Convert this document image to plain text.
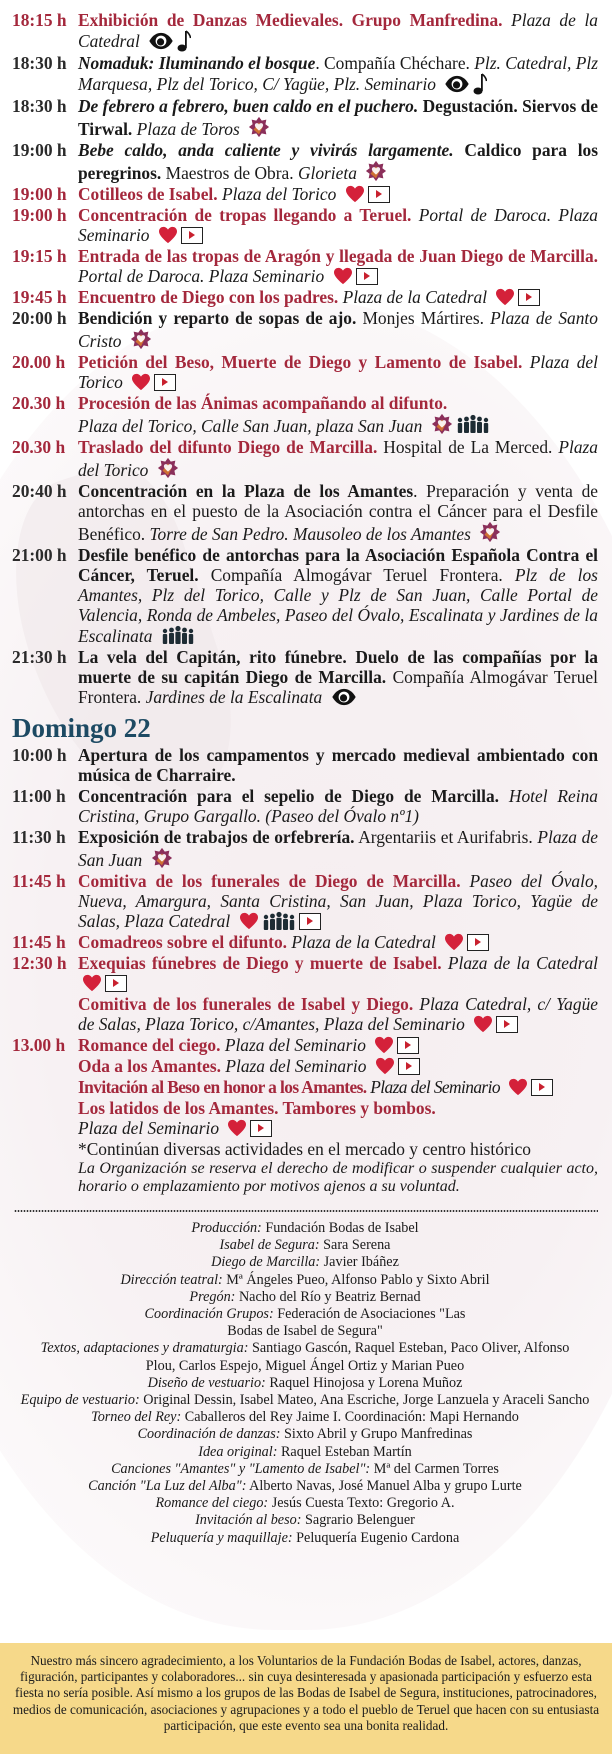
18:15 h Exhibición de Danzas Medievales. Grupo Manfredina. Plaza de la Catedral
18:30 h Nomaduk: Iluminando el bosque. Compañía Chéchare. Plz. Catedral, Plz Marquesa, Plz del Torico, C/ Yagüe, Plz. Seminario
18:30 h De febrero a febrero, buen caldo en el puchero. Degustación. Siervos de Tirwal. Plaza de Toros
19:00 h Bebe caldo, anda caliente y vivirás largamente. Caldico para los peregrinos. Maestros de Obra. Glorieta
19:00 h Cotilleos de Isabel. Plaza del Torico
19:00 h Concentración de tropas llegando a Teruel. Portal de Daroca. Plaza Seminario
19:15 h Entrada de las tropas de Aragón y llegada de Juan Diego de Marcilla. Portal de Daroca. Plaza Seminario
19:45 h Encuentro de Diego con los padres. Plaza de la Catedral
20:00 h Bendición y reparto de sopas de ajo. Monjes Mártires. Plaza de Santo Cristo
20.00 h Petición del Beso, Muerte de Diego y Lamento de Isabel. Plaza del Torico
20.30 h Procesión de las Ánimas acompañando al difunto.
Plaza del Torico, Calle San Juan, plaza San Juan
20.30 h Traslado del difunto Diego de Marcilla. Hospital de La Merced. Plaza del Torico
20:40 h Concentración en la Plaza de los Amantes. Preparación y venta de antorchas en el puesto de la Asociación contra el Cáncer para el Desfile Benéfico. Torre de San Pedro. Mausoleo de los Amantes
21:00 h Desfile benéfico de antorchas para la Asociación Española Contra el Cáncer, Teruel. Compañía Almogávar Teruel Frontera. Plz de los Amantes, Plz del Torico, Calle y Plz de San Juan, Calle Portal de Valencia, Ronda de Ambeles, Paseo del Óvalo, Escalinata y Jardines de la Escalinata
21:30 h La vela del Capitán, rito fúnebre. Duelo de las compañías por la muerte de su capitán Diego de Marcilla. Compañía Almogávar Teruel Frontera. Jardines de la Escalinata
Domingo 22
10:00 h Apertura de los campamentos y mercado medieval ambientado con música de Charraire.
11:00 h Concentración para el sepelio de Diego de Marcilla. Hotel Reina Cristina, Grupo Gargallo. (Paseo del Óvalo nº1)
11:30 h Exposición de trabajos de orfebrería. Argentariis et Aurifabris. Plaza de San Juan
11:45 h Comitiva de los funerales de Diego de Marcilla. Paseo del Óvalo, Nueva, Amargura, Santa Cristina, San Juan, Plaza Torico, Yagüe de Salas, Plaza Catedral
11:45 h Comadreos sobre el difunto. Plaza de la Catedral
12:30 h Exequias fúnebres de Diego y muerte de Isabel. Plaza de la Catedral
Comitiva de los funerales de Isabel y Diego. Plaza Catedral, c/ Yagüe de Salas, Plaza Torico, c/Amantes, Plaza del Seminario
13.00 h Romance del ciego. Plaza del Seminario
Oda a los Amantes. Plaza del Seminario
Invitación al Beso en honor a los Amantes. Plaza del Seminario
Los latidos de los Amantes. Tambores y bombos.
Plaza del Seminario
*Continúan diversas actividades en el mercado y centro histórico
La Organización se reserva el derecho de modificar o suspender cualquier acto, horario o emplazamiento por motivos ajenos a su voluntad.
Producción: Fundación Bodas de Isabel
Isabel de Segura: Sara Serena
Diego de Marcilla: Javier Ibáñez
Dirección teatral: Mª Ángeles Pueo, Alfonso Pablo y Sixto Abril
Pregón: Nacho del Río y Beatriz Bernad
Coordinación Grupos: Federación de Asociaciones "Las Bodas de Isabel de Segura"
Textos, adaptaciones y dramaturgia: Santiago Gascón, Raquel Esteban, Paco Oliver, Alfonso Plou, Carlos Espejo, Miguel Ángel Ortiz y Marian Pueo
Diseño de vestuario: Raquel Hinojosa y Lorena Muñoz
Equipo de vestuario: Original Dessin, Isabel Mateo, Ana Escriche, Jorge Lanzuela y Araceli Sancho
Torneo del Rey: Caballeros del Rey Jaime I. Coordinación: Mapi Hernando
Coordinación de danzas: Sixto Abril y Grupo Manfredinas
Idea original: Raquel Esteban Martín
Canciones "Amantes" y "Lamento de Isabel": Mª del Carmen Torres
Canción "La Luz del Alba": Alberto Navas, José Manuel Alba y grupo Lurte
Romance del ciego: Jesús Cuesta Texto: Gregorio A.
Invitación al beso: Sagrario Belenguer
Peluquería y maquillaje: Peluquería Eugenio Cardona
Nuestro más sincero agradecimiento, a los Voluntarios de la Fundación Bodas de Isabel, actores, danzas, figuración, participantes y colaboradores... sin cuya desinteresada y apasionada participación y esfuerzo esta fiesta no sería posible. Así mismo a los grupos de las Bodas de Isabel de Segura, instituciones, patrocinadores, medios de comunicación, asociaciones y agrupaciones y a todo el pueblo de Teruel que hacen con su entusiasta participación, que este evento sea una bonita realidad.
